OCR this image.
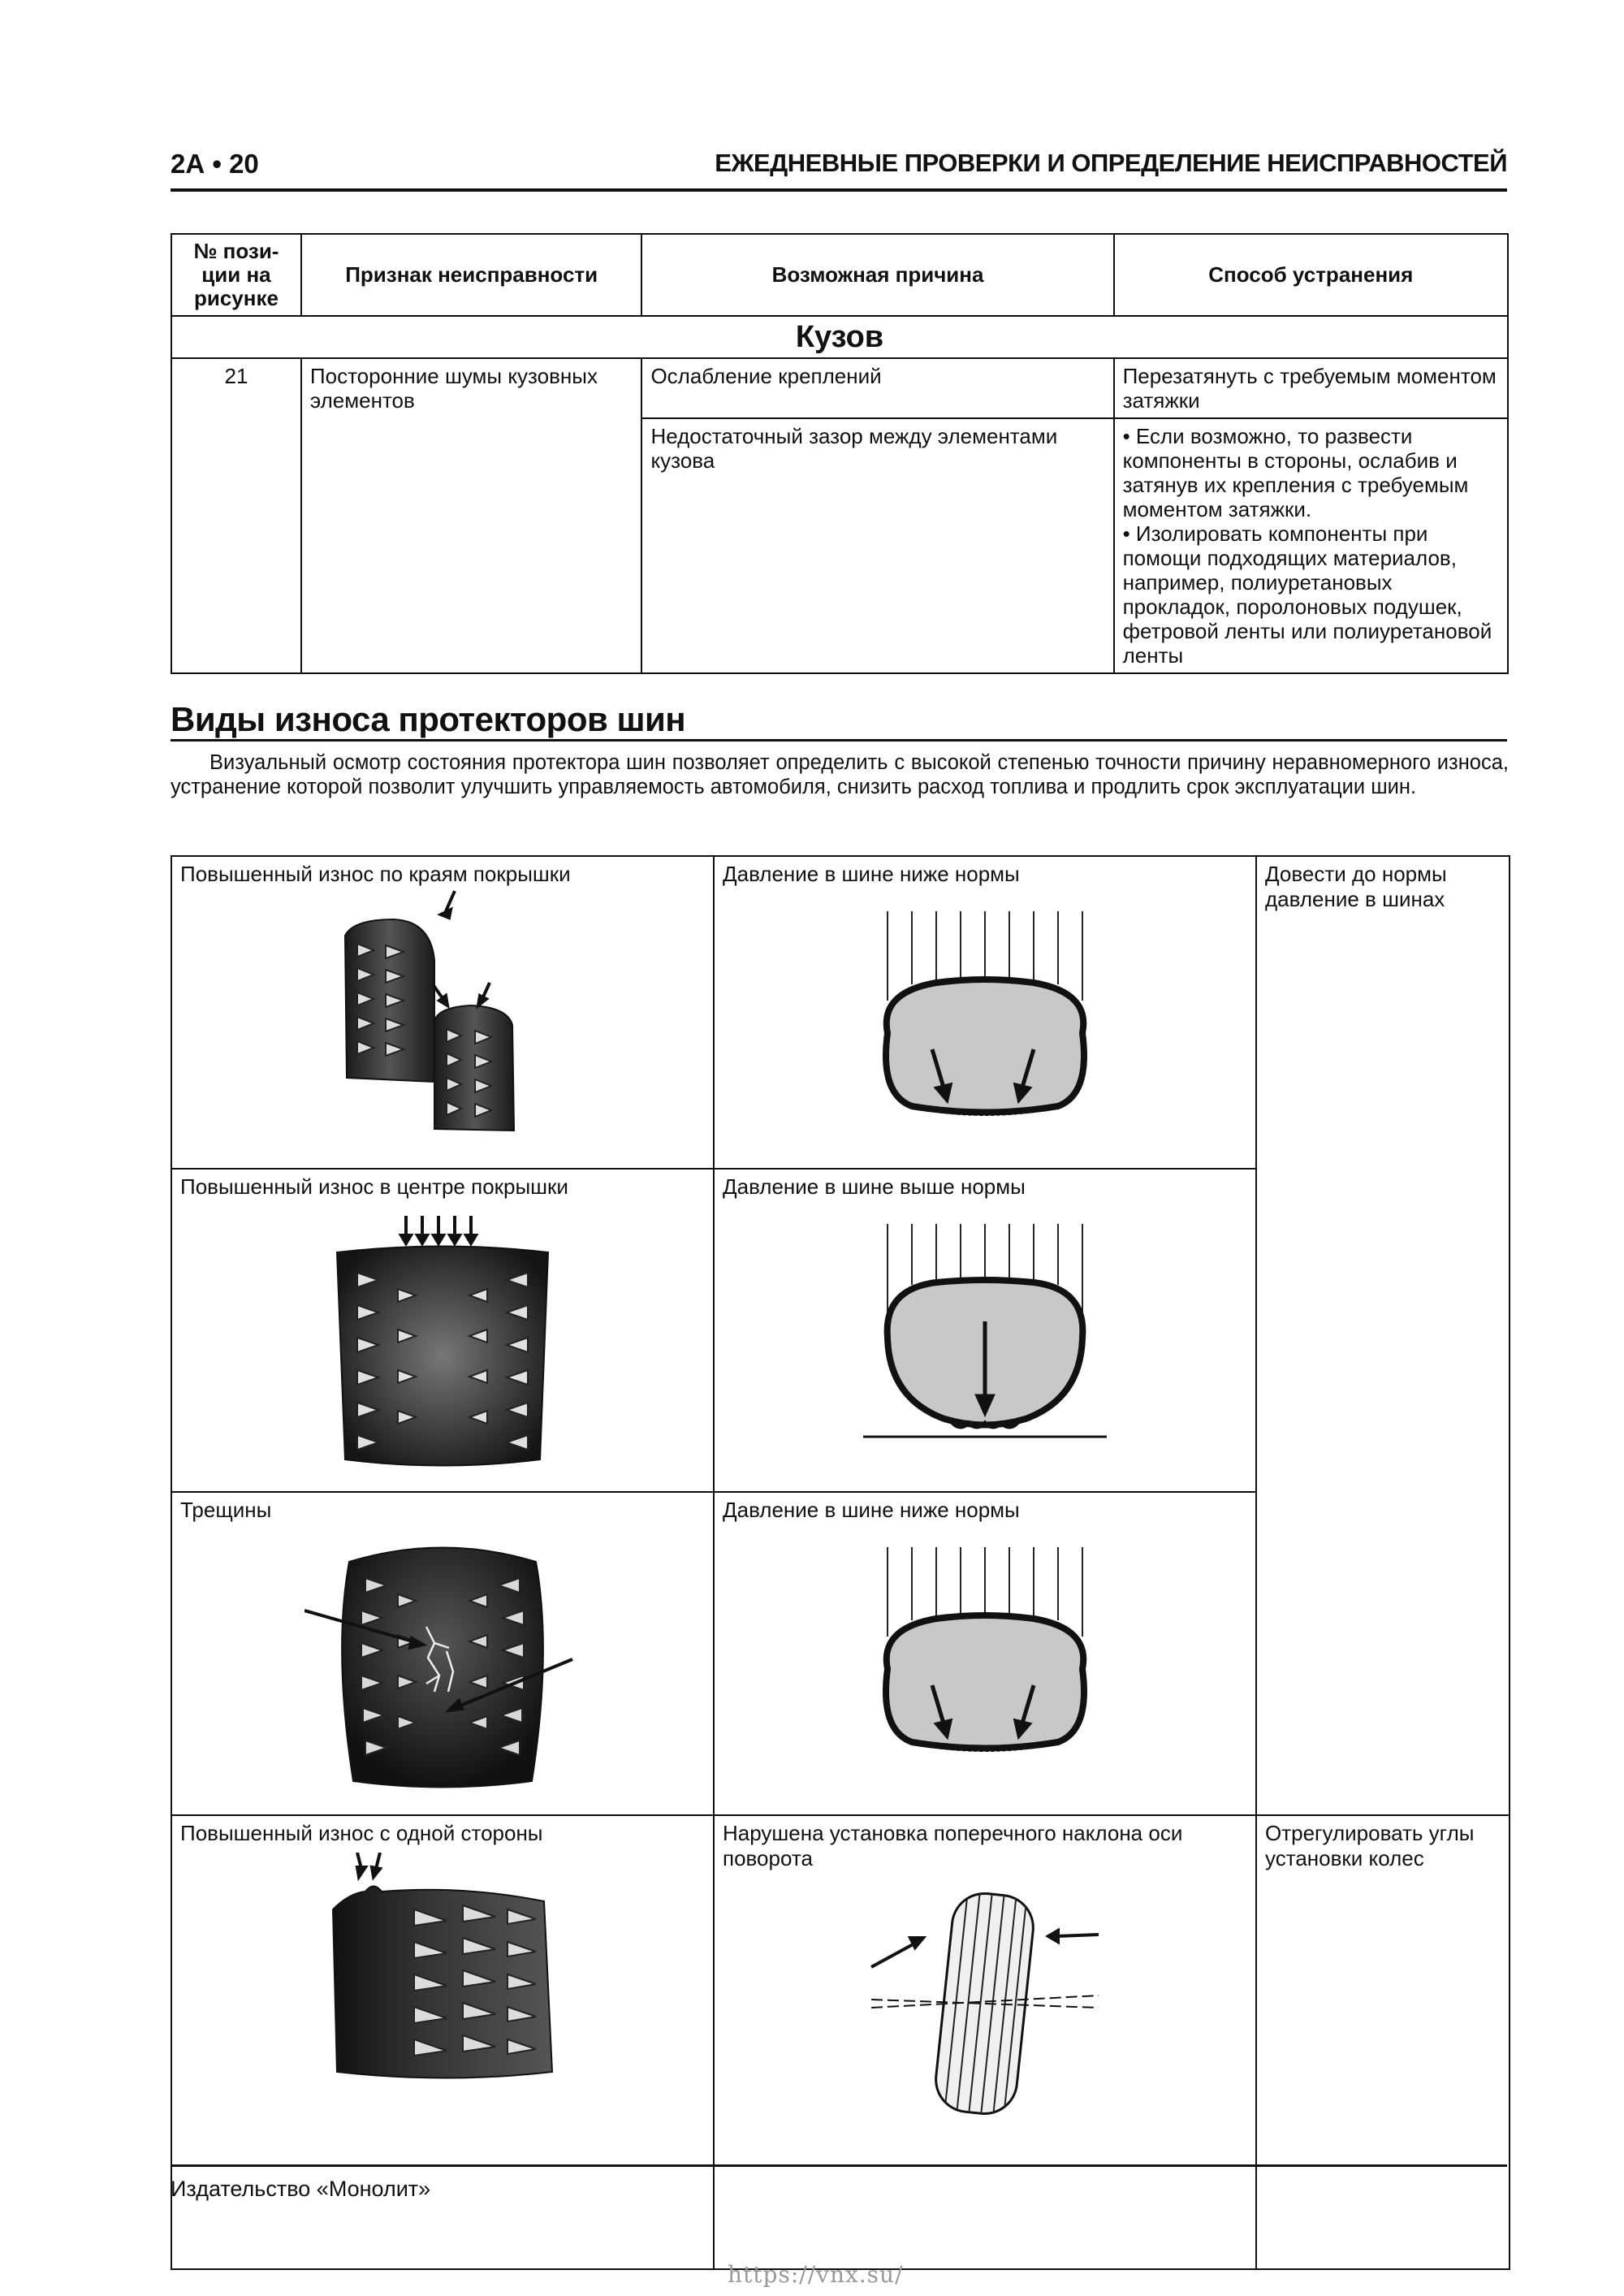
2А • 20	ЕЖЕДНЕВНЫЕ ПРОВЕРКИ И ОПРЕДЕЛЕНИЕ НЕИСПРАВНОСТЕЙ
№ пози-ции на рисунке	Признак неисправности	Возможная причина	Способ устранения
Кузов			
21	Посторонние шумы кузовных элементов	Ослабление креплений	Перезатянуть с требуемым моментом затяжки
		Недостаточный зазор между элементами кузова	• Если возможно, то развести компоненты в стороны, ослабив и затянув их крепления с требуемым моментом затяжки.
• Изолировать компоненты при помощи подходящих материалов, например, полиуретановых прокладок, поролоновых подушек, фетровой ленты или полиуретановой ленты
Виды износа протекторов шин
Визуальный осмотр состояния протектора шин позволяет определить с высокой степенью точности причину неравномерного износа, устранение которой позволит улучшить управляемость автомобиля, снизить расход топлива и продлить срок эксплуатации шин.
Повышенный износ по краям покрышки	Давление в шине ниже нормы	Довести до нормы давление в шинах

Повышенный износ в центре покрышки	Давление в шине выше нормы	

Трещины	Давление в шине ниже нормы	

Повышенный износ с одной стороны	Нарушена установка поперечного наклона оси поворота	Отрегулировать углы установки колес
Издательство «Монолит»
https://vnx.su/
